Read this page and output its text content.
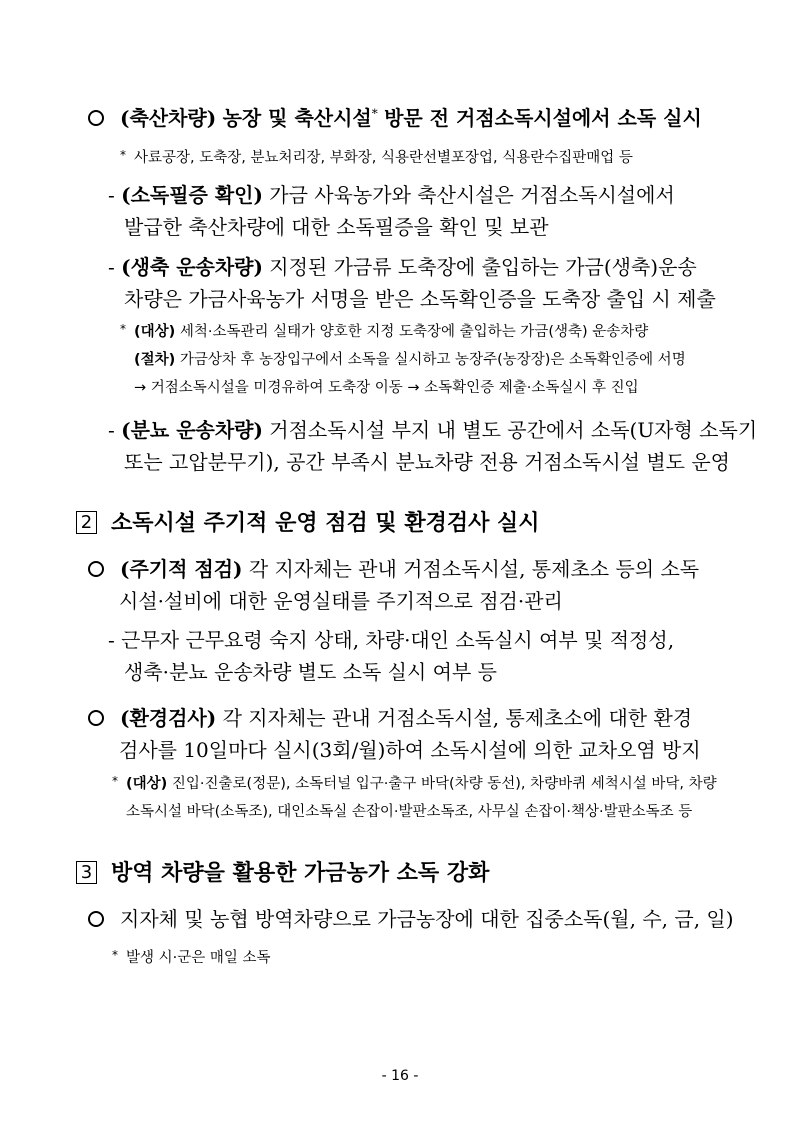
(축산차량) 농장 및 축산시설* 방문 전 거점소독시설에서 소독 실시
* 사료공장, 도축장, 분뇨처리장, 부화장, 식용란선별포장업, 식용란수집판매업 등
- (소독필증 확인) 가금 사육농가와 축산시설은 거점소독시설에서
발급한 축산차량에 대한 소독필증을 확인 및 보관
- (생축 운송차량) 지정된 가금류 도축장에 출입하는 가금(생축)운송
차량은 가금사육농가 서명을 받은 소독확인증을 도축장 출입 시 제출
* (대상) 세척·소독관리 실태가 양호한 지정 도축장에 출입하는 가금(생축) 운송차량
(절차) 가금상차 후 농장입구에서 소독을 실시하고 농장주(농장장)은 소독확인증에 서명
→ 거점소독시설을 미경유하여 도축장 이동 → 소독확인증 제출·소독실시 후 진입
- (분뇨 운송차량) 거점소독시설 부지 내 별도 공간에서 소독(U자형 소독기
또는 고압분무기), 공간 부족시 분뇨차량 전용 거점소독시설 별도 운영
2 소독시설 주기적 운영 점검 및 환경검사 실시
(주기적 점검) 각 지자체는 관내 거점소독시설, 통제초소 등의 소독
시설·설비에 대한 운영실태를 주기적으로 점검·관리
- 근무자 근무요령 숙지 상태, 차량·대인 소독실시 여부 및 적정성,
생축·분뇨 운송차량 별도 소독 실시 여부 등
(환경검사) 각 지자체는 관내 거점소독시설, 통제초소에 대한 환경
검사를 10일마다 실시(3회/월)하여 소독시설에 의한 교차오염 방지
* (대상) 진입·진출로(정문), 소독터널 입구·출구 바닥(차량 동선), 차량바퀴 세척시설 바닥, 차량
소독시설 바닥(소독조), 대인소독실 손잡이·발판소독조, 사무실 손잡이·책상·발판소독조 등
3 방역 차량을 활용한 가금농가 소독 강화
지자체 및 농협 방역차량으로 가금농장에 대한 집중소독(월, 수, 금, 일)
* 발생 시·군은 매일 소독
- 16 -
